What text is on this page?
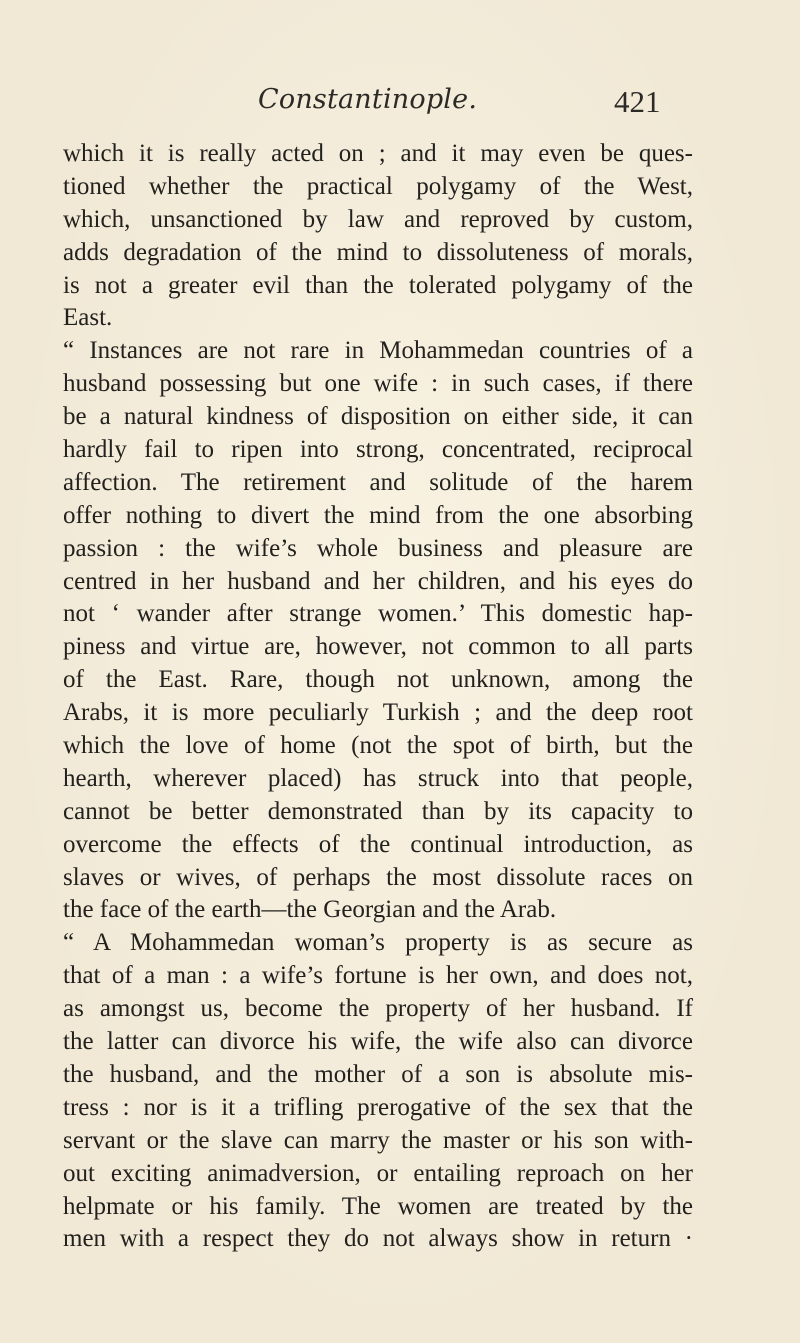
Constantinople.	421
which it is really acted on ; and it may even be ques-
tioned whether the practical polygamy of the West,
which, unsanctioned by law and reproved by custom,
adds degradation of the mind to dissoluteness of morals,
is not a greater evil than the tolerated polygamy of the
East.
“ Instances are not rare in Mohammedan countries of a
husband possessing but one wife : in such cases, if there
be a natural kindness of disposition on either side, it can
hardly fail to ripen into strong, concentrated, reciprocal
affection. The retirement and solitude of the harem
offer nothing to divert the mind from the one absorbing
passion : the wife’s whole business and pleasure are
centred in her husband and her children, and his eyes do
not ‘ wander after strange women.’ This domestic hap-
piness and virtue are, however, not common to all parts
of the East. Rare, though not unknown, among the
Arabs, it is more peculiarly Turkish ; and the deep root
which the love of home (not the spot of birth, but the
hearth, wherever placed) has struck into that people,
cannot be better demonstrated than by its capacity to
overcome the effects of the continual introduction, as
slaves or wives, of perhaps the most dissolute races on
the face of the earth—the Georgian and the Arab.
“ A Mohammedan woman’s property is as secure as
that of a man : a wife’s fortune is her own, and does not,
as amongst us, become the property of her husband. If
the latter can divorce his wife, the wife also can divorce
the husband, and the mother of a son is absolute mis-
tress : nor is it a trifling prerogative of the sex that the
servant or the slave can marry the master or his son with-
out exciting animadversion, or entailing reproach on her
helpmate or his family. The women are treated by the
men with a respect they do not always show in return ·
